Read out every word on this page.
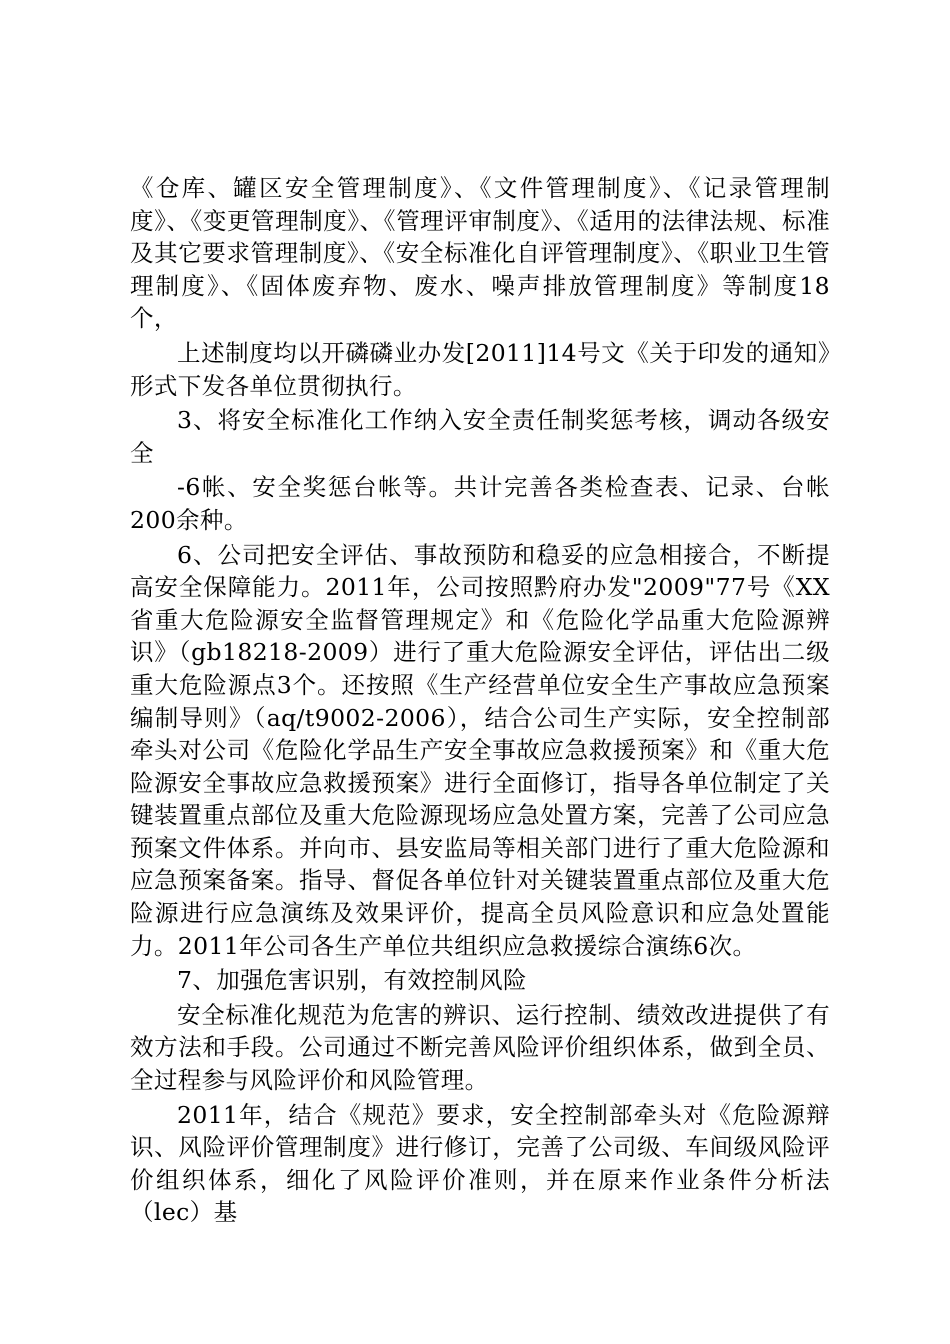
《仓库、罐区安全管理制度》、《文件管理制度》、《记录管理制度》、《变更管理制度》、《管理评审制度》、《适用的法律法规、标准及其它要求管理制度》、《安全标准化自评管理制度》、《职业卫生管理制度》、《固体废弃物、废水、噪声排放管理制度》等制度18个，

上述制度均以开磷磷业办发[2011]14号文《关于印发的通知》形式下发各单位贯彻执行。

3、将安全标准化工作纳入安全责任制奖惩考核，调动各级安全

-6帐、安全奖惩台帐等。共计完善各类检查表、记录、台帐200余种。

6、公司把安全评估、事故预防和稳妥的应急相接合，不断提高安全保障能力。2011年，公司按照黔府办发"2009"77号《XX省重大危险源安全监督管理规定》和《危险化学品重大危险源辨识》（gb18218-2009）进行了重大危险源安全评估，评估出二级重大危险源点3个。还按照《生产经营单位安全生产事故应急预案编制导则》（aq/t9002-2006），结合公司生产实际，安全控制部牵头对公司《危险化学品生产安全事故应急救援预案》和《重大危险源安全事故应急救援预案》进行全面修订，指导各单位制定了关键装置重点部位及重大危险源现场应急处置方案，完善了公司应急预案文件体系。并向市、县安监局等相关部门进行了重大危险源和应急预案备案。指导、督促各单位针对关键装置重点部位及重大危险源进行应急演练及效果评价，提高全员风险意识和应急处置能力。2011年公司各生产单位共组织应急救援综合演练6次。

7、加强危害识别，有效控制风险

安全标准化规范为危害的辨识、运行控制、绩效改进提供了有效方法和手段。公司通过不断完善风险评价组织体系，做到全员、全过程参与风险评价和风险管理。

2011年，结合《规范》要求，安全控制部牵头对《危险源辩识、风险评价管理制度》进行修订，完善了公司级、车间级风险评价组织体系，细化了风险评价准则，并在原来作业条件分析法（lec）基
